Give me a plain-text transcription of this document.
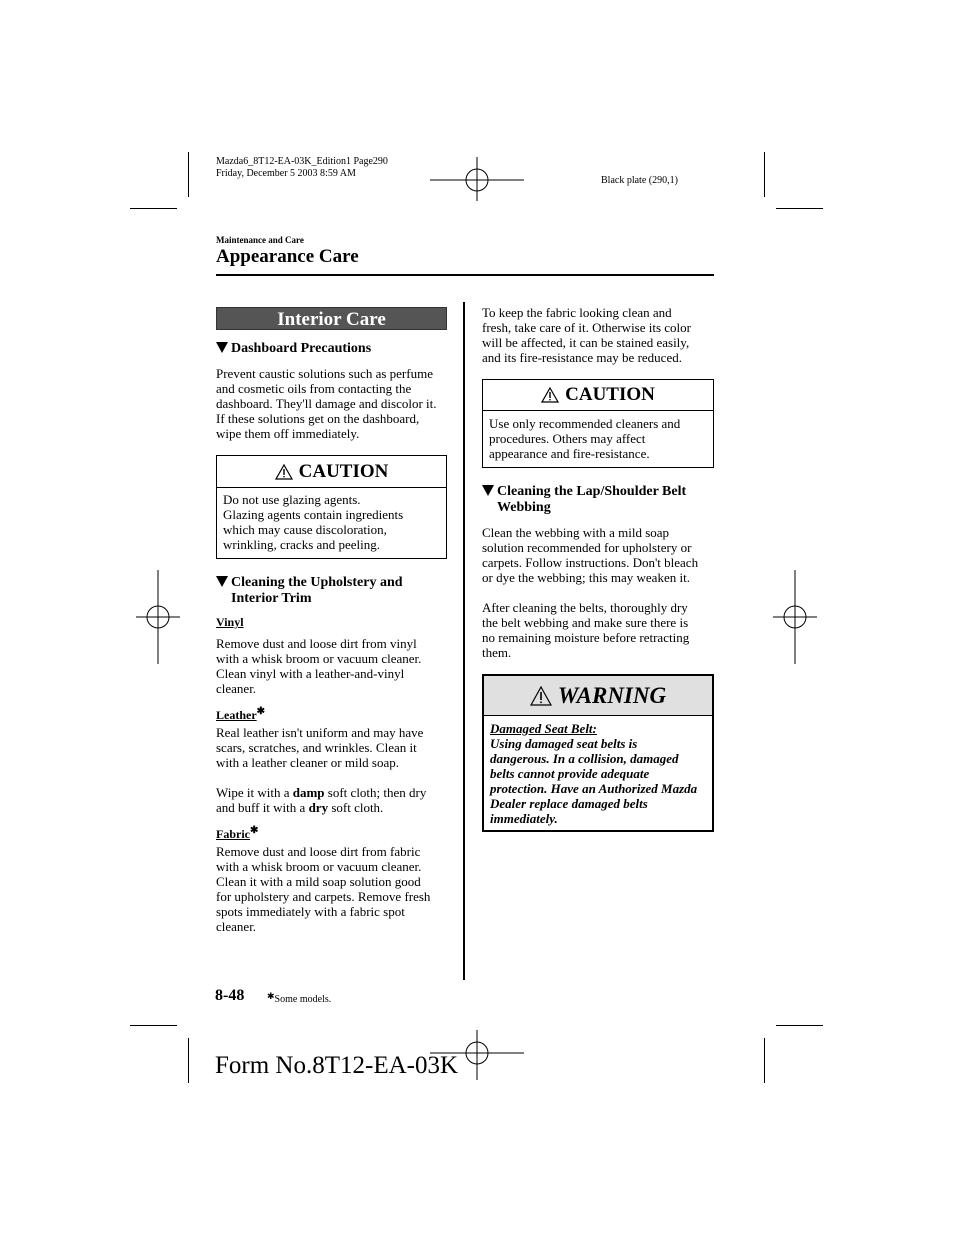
Mazda6_8T12-EA-03K_Edition1 Page290
Friday, December 5 2003 8:59 AM
Black plate (290,1)
Maintenance and Care
Appearance Care
Interior Care
Dashboard Precautions
Prevent caustic solutions such as perfume
and cosmetic oils from contacting the
dashboard. They'll damage and discolor it.
If these solutions get on the dashboard,
wipe them off immediately.
CAUTION
Do not use glazing agents.
Glazing agents contain ingredients
which may cause discoloration,
wrinkling, cracks and peeling.
Cleaning the Upholstery and
Interior Trim
Vinyl
Remove dust and loose dirt from vinyl
with a whisk broom or vacuum cleaner.
Clean vinyl with a leather-and-vinyl
cleaner.
Leather✱
Real leather isn't uniform and may have
scars, scratches, and wrinkles. Clean it
with a leather cleaner or mild soap.
Wipe it with a damp soft cloth; then dry
and buff it with a dry soft cloth.
Fabric✱
Remove dust and loose dirt from fabric
with a whisk broom or vacuum cleaner.
Clean it with a mild soap solution good
for upholstery and carpets. Remove fresh
spots immediately with a fabric spot
cleaner.
To keep the fabric looking clean and
fresh, take care of it. Otherwise its color
will be affected, it can be stained easily,
and its fire-resistance may be reduced.
CAUTION
Use only recommended cleaners and
procedures. Others may affect
appearance and fire-resistance.
Cleaning the Lap/Shoulder Belt
Webbing
Clean the webbing with a mild soap
solution recommended for upholstery or
carpets. Follow instructions. Don't bleach
or dye the webbing; this may weaken it.
After cleaning the belts, thoroughly dry
the belt webbing and make sure there is
no remaining moisture before retracting
them.
WARNING
Damaged Seat Belt:
Using damaged seat belts is
dangerous. In a collision, damaged
belts cannot provide adequate
protection. Have an Authorized Mazda
Dealer replace damaged belts
immediately.
8-48	✱Some models.
Form No.8T12-EA-03K
